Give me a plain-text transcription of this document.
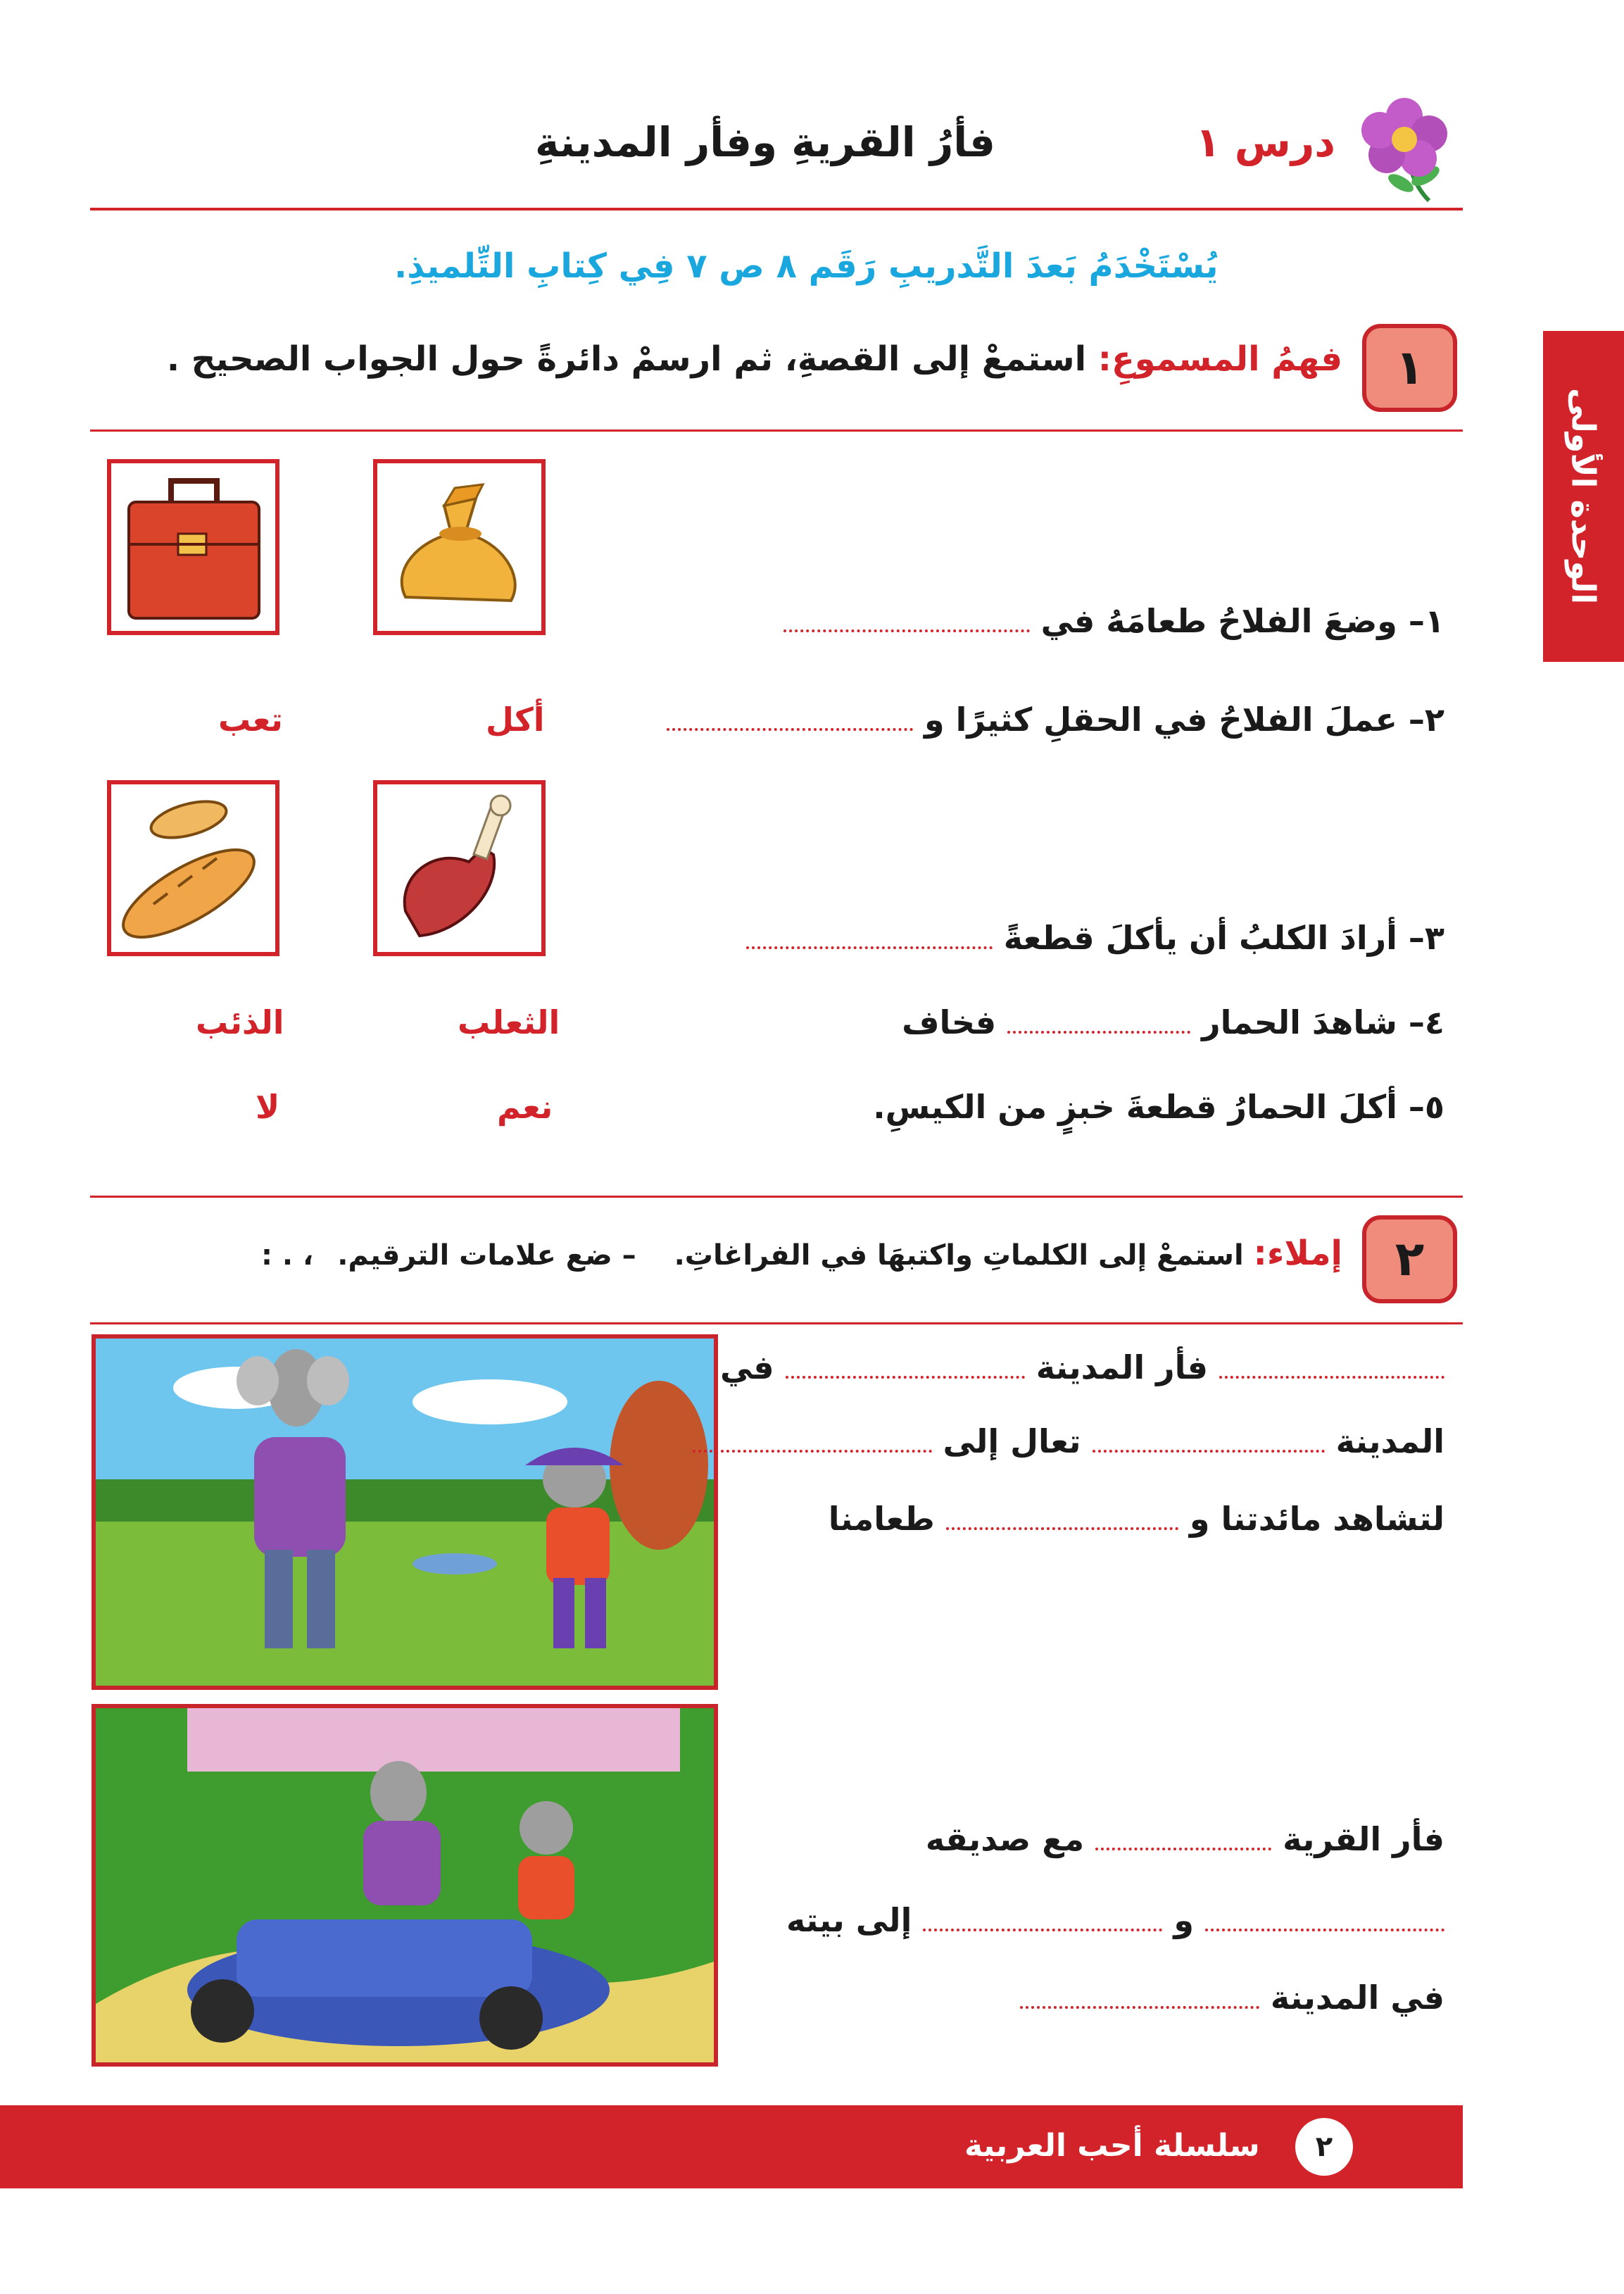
درس ١
فأرُ القريةِ وفأر المدينةِ
يُسْتَخْدَمُ بَعدَ التَّدريبِ رَقَم ٨ ص ٧ فِي كِتابِ التِّلميذِ.
الوحدة الأولى
١
فهمُ المسموعِ: استمعْ إلى القصةِ، ثم ارسمْ دائرةً حول الجواب الصحيح .
١– وضعَ الفلاحُ طعامَهُ في
أكل
تعب	٢– عملَ الفلاحُ في الحقلِ كثيرًا و
٣– أرادَ الكلبُ أن يأكلَ قطعةً
الثعلب
الذئب	٤– شاهدَ الحمار  فخاف
نعم
لا	٥– أكلَ الحمارُ قطعةَ خبزٍ من الكيسِ.
٢
إملاء: استمعْ إلى الكلماتِ واكتبهَا في الفراغاتِ. – ضع علامات الترقيم. ، . :
فأر المدينة  في
المدينة  تعال إلى
لتشاهد مائدتنا و  طعامنا
فأر القرية  مع صديقه
و  إلى بيته
في المدينة
٢
سلسلة أحب العربية
